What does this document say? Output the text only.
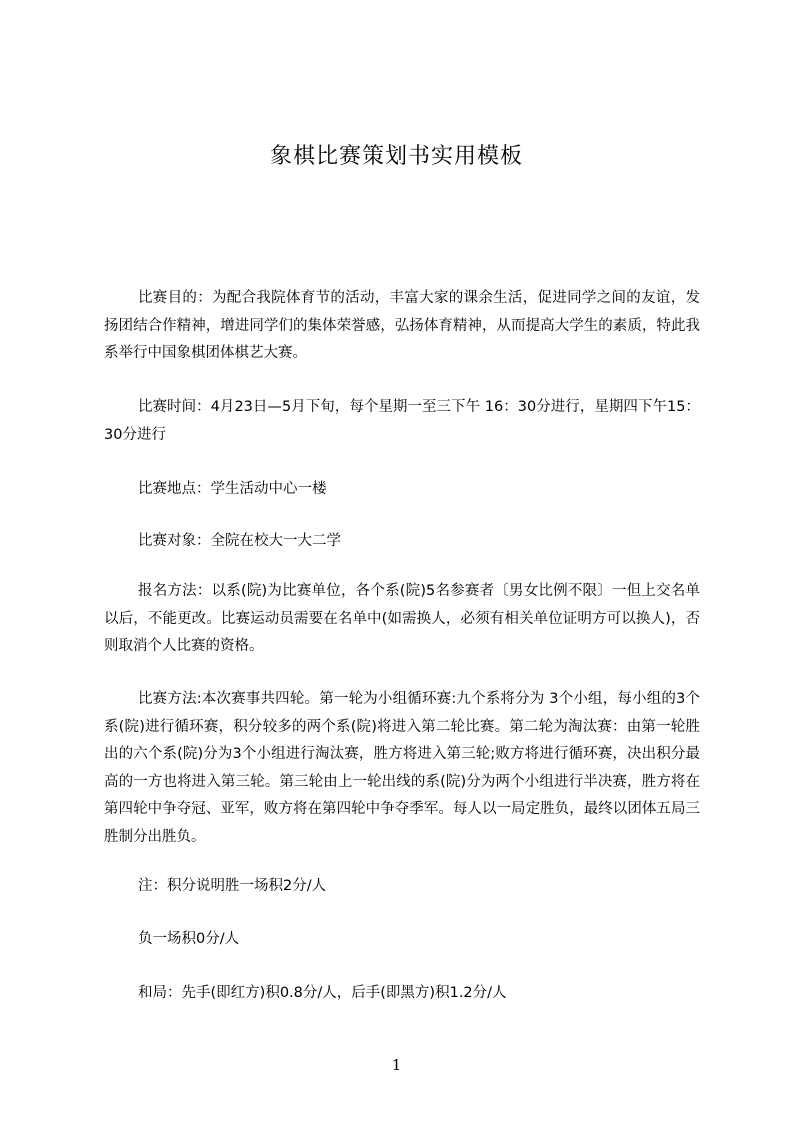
象棋比赛策划书实用模板

比赛目的：为配合我院体育节的活动，丰富大家的课余生活，促进同学之间的友谊，发扬团结合作精神，增进同学们的集体荣誉感，弘扬体育精神，从而提高大学生的素质，特此我系举行中国象棋团体棋艺大赛。

比赛时间：4月23日—5月下旬，每个星期一至三下午 16：30分进行，星期四下午15：30分进行

比赛地点：学生活动中心一楼

比赛对象：全院在校大一大二学

报名方法：以系(院)为比赛单位，各个系(院)5名参赛者〔男女比例不限〕一但上交名单以后，不能更改。比赛运动员需要在名单中(如需换人，必须有相关单位证明方可以换人)，否则取消个人比赛的资格。

比赛方法:本次赛事共四轮。第一轮为小组循环赛:九个系将分为 3个小组，每小组的3个系(院)进行循环赛，积分较多的两个系(院)将进入第二轮比赛。第二轮为淘汰赛：由第一轮胜出的六个系(院)分为3个小组进行淘汰赛，胜方将进入第三轮;败方将进行循环赛，决出积分最高的一方也将进入第三轮。第三轮由上一轮出线的系(院)分为两个小组进行半决赛，胜方将在第四轮中争夺冠、亚军，败方将在第四轮中争夺季军。每人以一局定胜负，最终以团体五局三胜制分出胜负。

注：积分说明胜一场积2分/人

负一场积0分/人

和局：先手(即红方)积0.8分/人，后手(即黑方)积1.2分/人

1
